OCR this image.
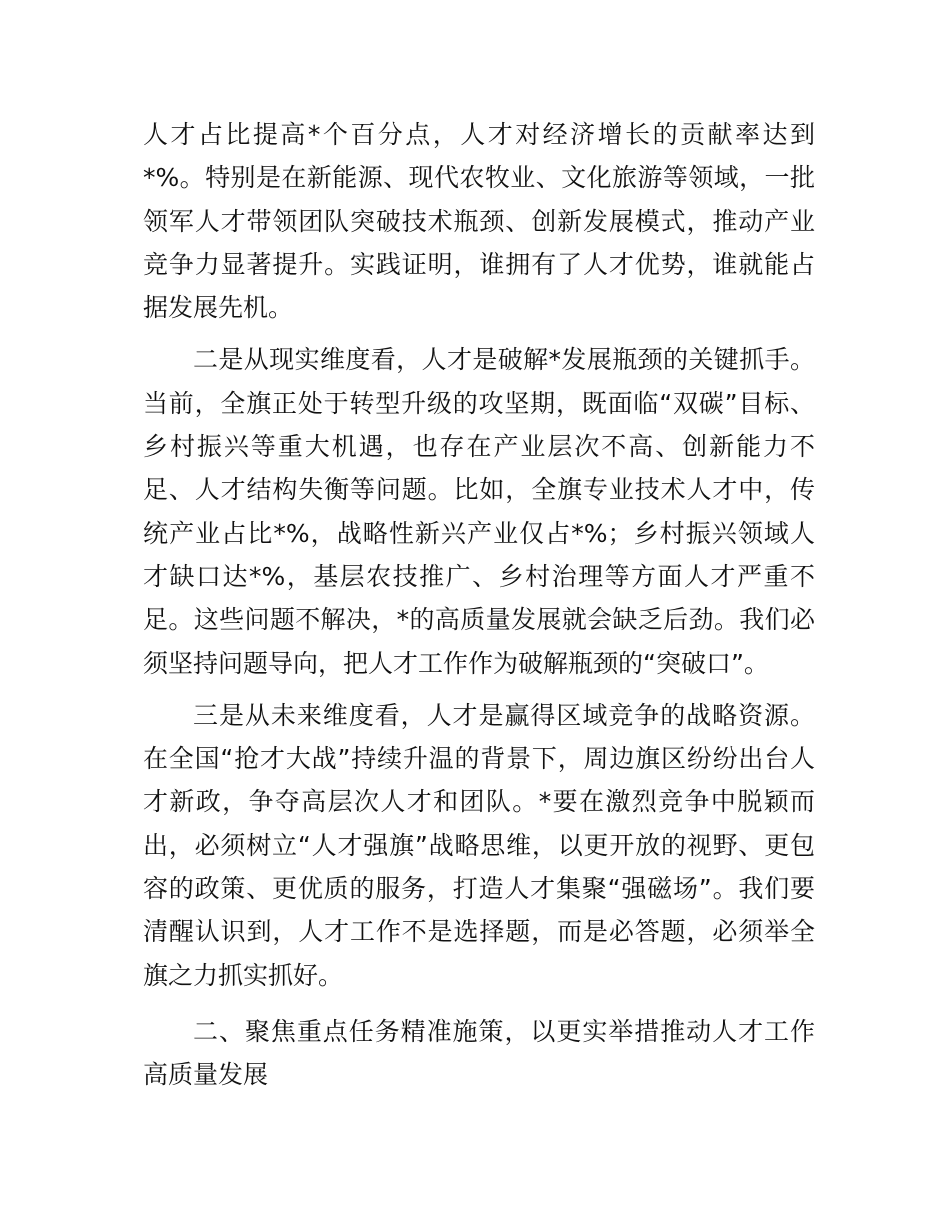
人才占比提高*个百分点，人才对经济增长的贡献率达到*%。特别是在新能源、现代农牧业、文化旅游等领域，一批领军人才带领团队突破技术瓶颈、创新发展模式，推动产业竞争力显著提升。实践证明，谁拥有了人才优势，谁就能占据发展先机。

二是从现实维度看，人才是破解*发展瓶颈的关键抓手。当前，全旗正处于转型升级的攻坚期，既面临“双碳”目标、乡村振兴等重大机遇，也存在产业层次不高、创新能力不足、人才结构失衡等问题。比如，全旗专业技术人才中，传统产业占比*%，战略性新兴产业仅占*%；乡村振兴领域人才缺口达*%，基层农技推广、乡村治理等方面人才严重不足。这些问题不解决，*的高质量发展就会缺乏后劲。我们必须坚持问题导向，把人才工作作为破解瓶颈的“突破口”。

三是从未来维度看，人才是赢得区域竞争的战略资源。在全国“抢才大战”持续升温的背景下，周边旗区纷纷出台人才新政，争夺高层次人才和团队。*要在激烈竞争中脱颖而出，必须树立“人才强旗”战略思维，以更开放的视野、更包容的政策、更优质的服务，打造人才集聚“强磁场”。我们要清醒认识到，人才工作不是选择题，而是必答题，必须举全旗之力抓实抓好。

二、聚焦重点任务精准施策，以更实举措推动人才工作高质量发展
